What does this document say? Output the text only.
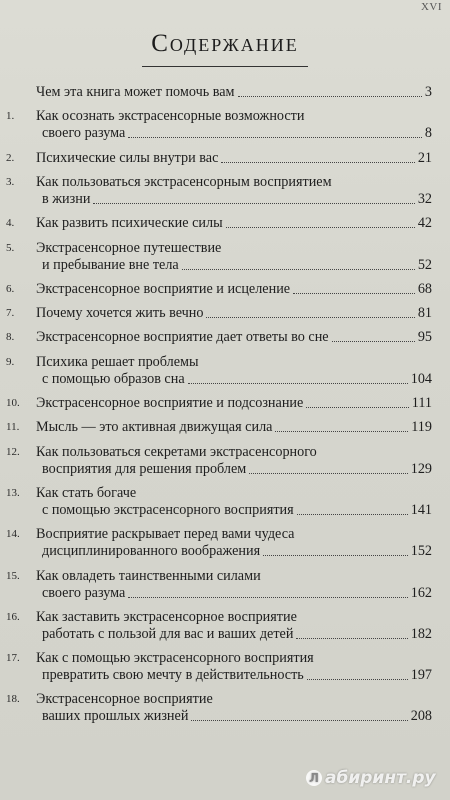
XVI
Содержание
Чем эта книга может помочь вам	3
1. Как осознать экстрасенсорные возможности
своего разума	8
2. Психические силы внутри вас	21
3. Как пользоваться экстрасенсорным восприятием
в жизни	32
4. Как развить психические силы	42
5. Экстрасенсорное путешествие
и пребывание вне тела	52
6. Экстрасенсорное восприятие и исцеление	68
7. Почему хочется жить вечно	81
8. Экстрасенсорное восприятие дает ответы во сне	95
9. Психика решает проблемы
с помощью образов сна	104
10. Экстрасенсорное восприятие и подсознание	111
11. Мысль — это активная движущая сила	119
12. Как пользоваться секретами экстрасенсорного
восприятия для решения проблем	129
13. Как стать богаче
с помощью экстрасенсорного восприятия	141
14. Восприятие раскрывает перед вами чудеса
дисциплинированного воображения	152
15. Как овладеть таинственными силами
своего разума	162
16. Как заставить экстрасенсорное восприятие
работать с пользой для вас и ваших детей	182
17. Как с помощью экстрасенсорного восприятия
превратить свою мечту в действительность	197
18. Экстрасенсорное восприятие
ваших прошлых жизней	208
Л абиринт.ру
